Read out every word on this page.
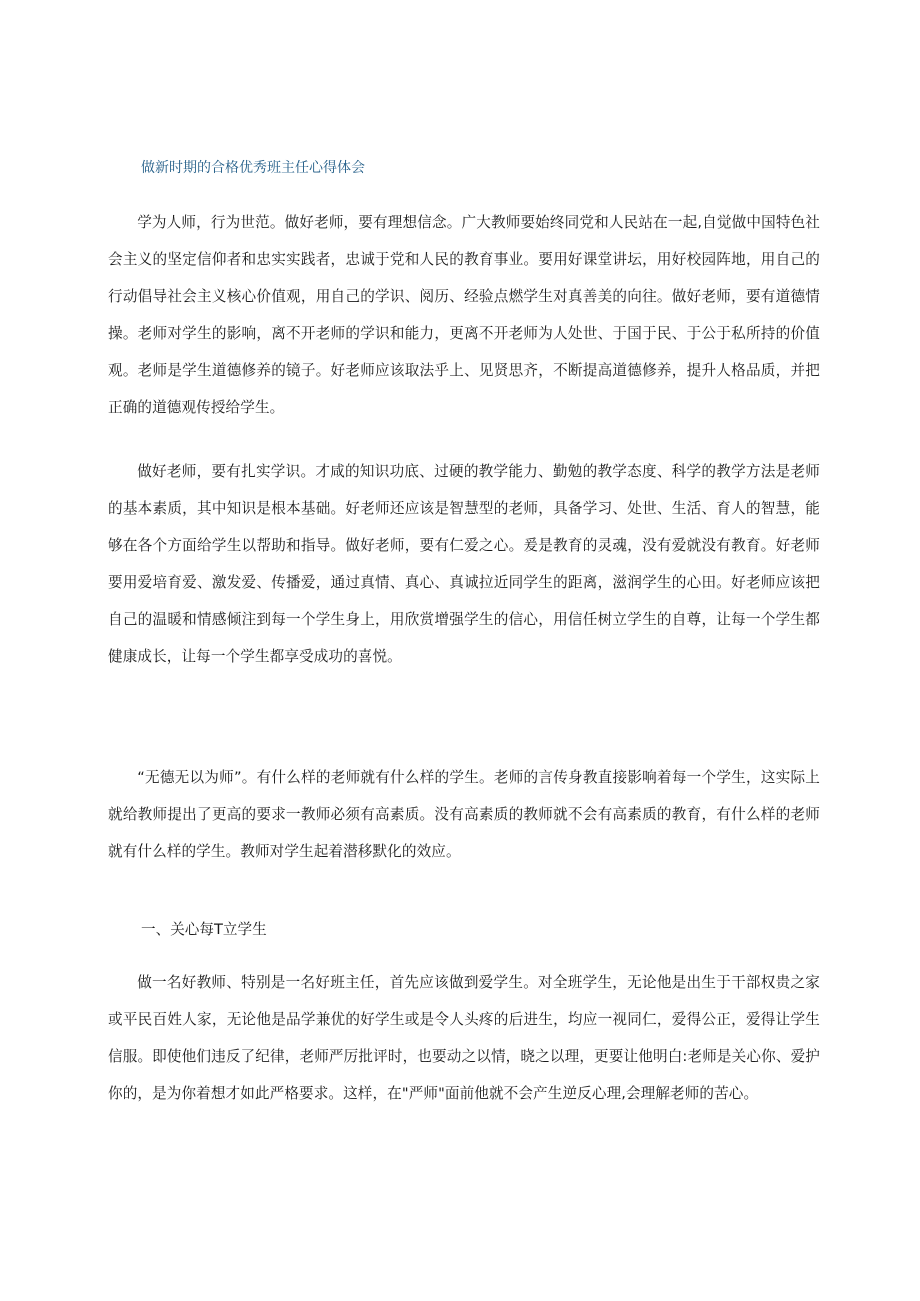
做新时期的合格优秀班主任心得体会

学为人师，行为世范。做好老师，要有理想信念。广大教师要始终同党和人民站在一起,自觉做中国特色社会主义的坚定信仰者和忠实实践者，忠诚于党和人民的教育事业。要用好课堂讲坛，用好校园阵地，用自己的行动倡导社会主义核心价值观，用自己的学识、阅历、经验点燃学生对真善美的向往。做好老师，要有道德情操。老师对学生的影响，离不开老师的学识和能力，更离不开老师为人处世、于国于民、于公于私所持的价值观。老师是学生道德修养的镜子。好老师应该取法乎上、见贤思齐，不断提高道德修养，提升人格品质，并把正确的道德观传授给学生。

做好老师，要有扎实学识。才咸的知识功底、过硬的教学能力、勤勉的教学态度、科学的教学方法是老师的基本素质，其中知识是根本基础。好老师还应该是智慧型的老师，具备学习、处世、生活、育人的智慧，能够在各个方面给学生以帮助和指导。做好老师，要有仁爱之心。爰是教育的灵魂，没有爱就没有教育。好老师要用爱培育爱、激发爱、传播爱，通过真情、真心、真诚拉近同学生的距离，滋润学生的心田。好老师应该把自己的温暖和情感倾注到每一个学生身上，用欣赏增强学生的信心，用信任树立学生的自尊，让每一个学生都健康成长，让每一个学生都享受成功的喜悦。

“无德无以为师”。有什么样的老师就有什么样的学生。老师的言传身教直接影响着每一个学生，这实际上就给教师提出了更高的要求一教师必须有高素质。没有高素质的教师就不会有高素质的教育，有什么样的老师就有什么样的学生。教师对学生起着潜移默化的效应。

一、关心每T立学生

做一名好教师、特别是一名好班主任，首先应该做到爱学生。对全班学生，无论他是出生于干部权贵之家或平民百姓人家，无论他是品学兼优的好学生或是令人头疼的后进生，均应一视同仁，爱得公正，爱得让学生信服。即使他们违反了纪律，老师严厉批评时，也要动之以情，晓之以理，更要让他明白:老师是关心你、爱护你的，是为你着想才如此严格要求。这样，在"严师"面前他就不会产生逆反心理,会理解老师的苦心。
